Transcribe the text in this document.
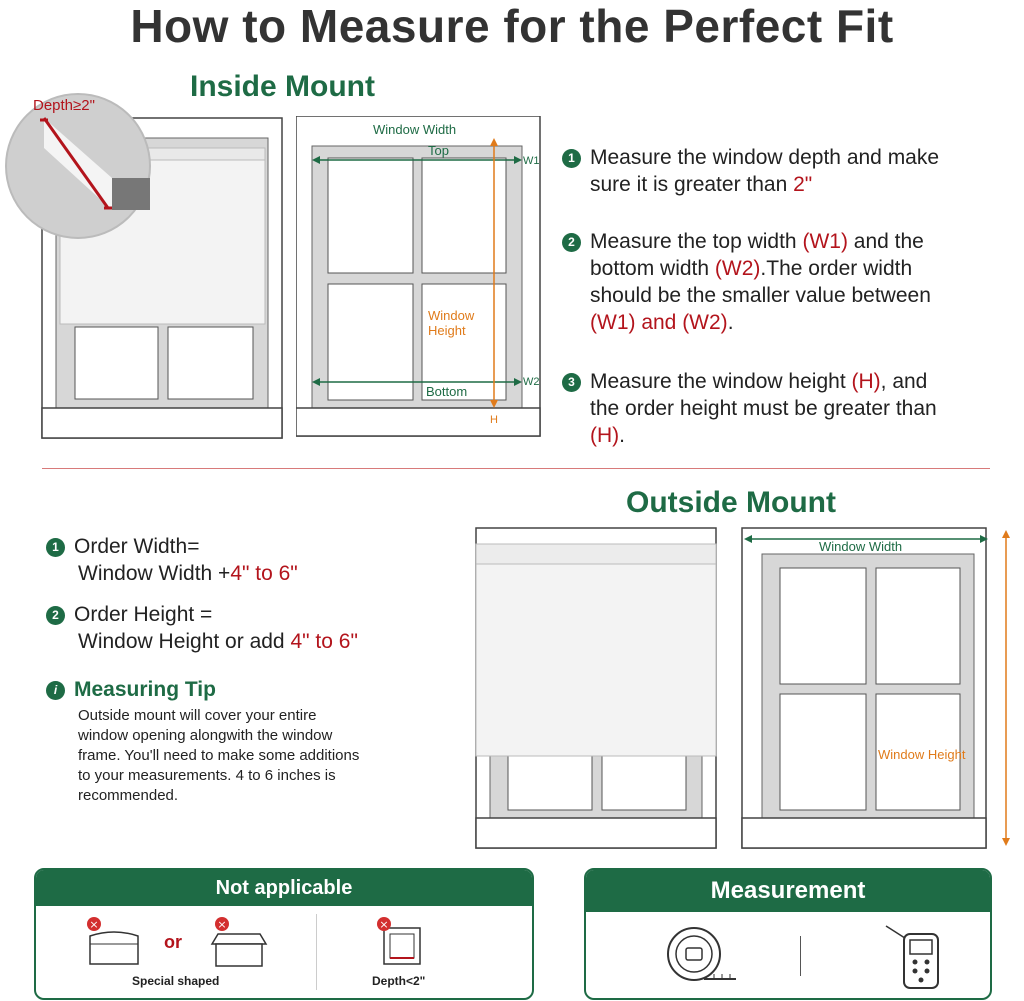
How to Measure for the Perfect Fit
Inside Mount
Depth≥2"
Window Width
Top
W1
Window
Height
Bottom
W2
H
1 Measure the window depth and make
sure it is greater than 2"
2 Measure the top width (W1) and the
bottom width (W2).The order width
should be the smaller value between
(W1) and (W2).
3 Measure the window height (H), and
the order height must be greater than
(H).
Outside Mount
1 Order Width=
Window Width +4" to 6"
2 Order Height =
Window Height or add 4" to 6"
i Measuring Tip
Outside mount will cover your entire
window opening alongwith the window
frame. You'll need to make some additions
to your measurements. 4 to 6 inches is
recommended.
Window Width
Window Height
Not applicable
×	×
or
Special shaped
×
Depth<2"
Measurement
